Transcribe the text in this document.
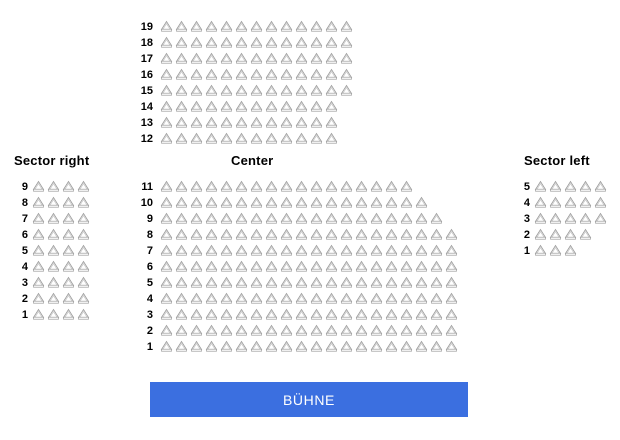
Sector right
9
8
7
6
5
4
3
2
1
19
18
17
16
15
14
13
12
Center
11
10
9
8
7
6
5
4
3
2
1
Sector left
5
4
3
2
1
BÜHNE
